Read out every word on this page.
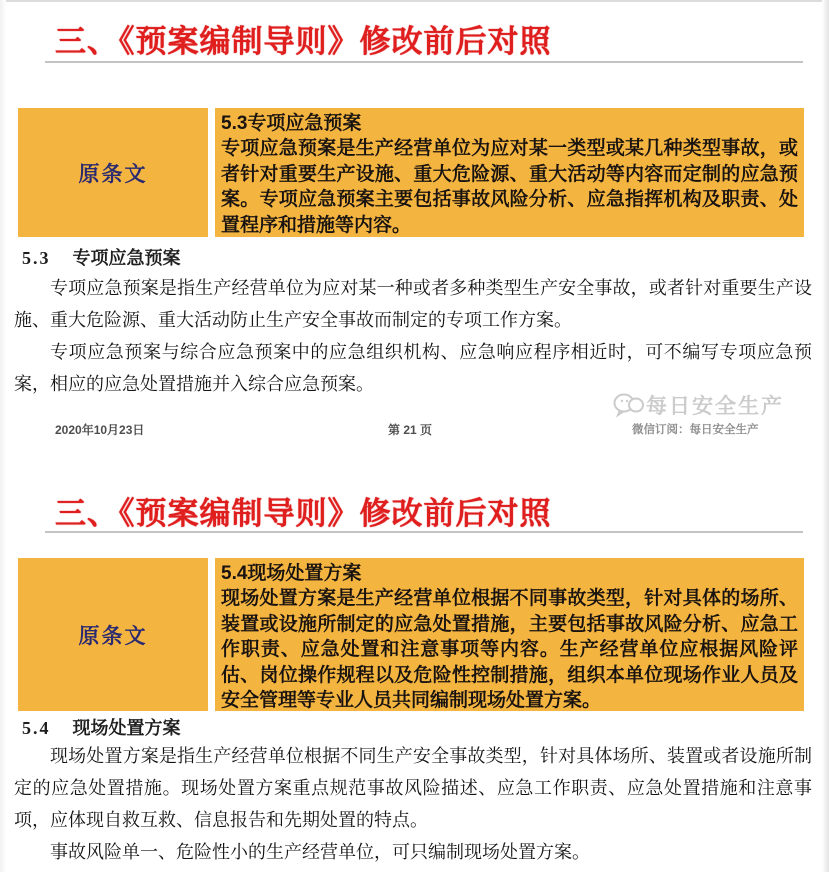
三、《预案编制导则》修改前后对照
原条文
5.3专项应急预案
专项应急预案是生产经营单位为应对某一类型或某几种类型事故，或者针对重要生产设施、重大危险源、重大活动等内容而定制的应急预案。专项应急预案主要包括事故风险分析、应急指挥机构及职责、处置程序和措施等内容。
5.3 专项应急预案

专项应急预案是指生产经营单位为应对某一种或者多种类型生产安全事故，或者针对重要生产设施、重大危险源、重大活动防止生产安全事故而制定的专项工作方案。

专项应急预案与综合应急预案中的应急组织机构、应急响应程序相近时，可不编写专项应急预案，相应的应急处置措施并入综合应急预案。

2020年10月23日	第 21 页
每日安全生产
微信订阅：每日安全生产
三、《预案编制导则》修改前后对照
原条文
5.4现场处置方案
现场处置方案是生产经营单位根据不同事故类型，针对具体的场所、装置或设施所制定的应急处置措施，主要包括事故风险分析、应急工作职责、应急处置和注意事项等内容。生产经营单位应根据风险评估、岗位操作规程以及危险性控制措施，组织本单位现场作业人员及安全管理等专业人员共同编制现场处置方案。
5.4 现场处置方案

现场处置方案是指生产经营单位根据不同生产安全事故类型，针对具体场所、装置或者设施所制定的应急处置措施。现场处置方案重点规范事故风险描述、应急工作职责、应急处置措施和注意事项，应体现自救互救、信息报告和先期处置的特点。

事故风险单一、危险性小的生产经营单位，可只编制现场处置方案。
